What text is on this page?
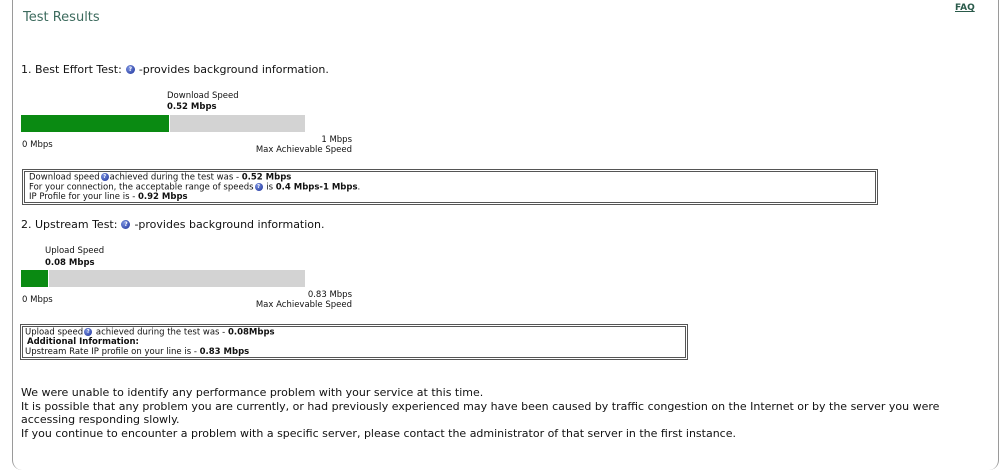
Test Results
FAQ
1. Best Effort Test:	? -provides background information.
Download Speed
0.52 Mbps
0 Mbps	1 Mbps
Max Achievable Speed
Download speed ? achieved during the test was - 0.52 Mbps
For your connection, the acceptable range of speeds ? is 0.4 Mbps-1 Mbps.
IP Profile for your line is - 0.92 Mbps
2. Upstream Test:	? -provides background information.
Upload Speed
0.08 Mbps
0 Mbps	0.83 Mbps
Max Achievable Speed
Upload speed ? achieved during the test was - 0.08Mbps
Additional Information:
Upstream Rate IP profile on your line is - 0.83 Mbps
We were unable to identify any performance problem with your service at this time.
It is possible that any problem you are currently, or had previously experienced may have been caused by traffic congestion on the Internet or by the server you were accessing responding slowly.
If you continue to encounter a problem with a specific server, please contact the administrator of that server in the first instance.
